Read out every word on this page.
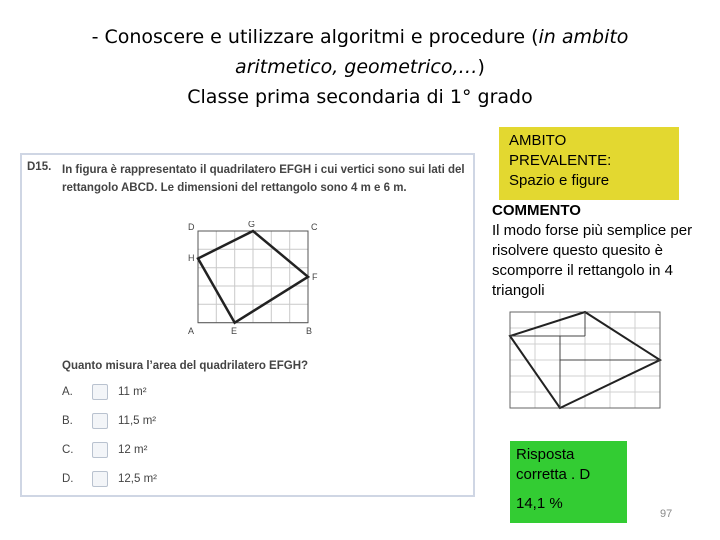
- Conoscere e utilizzare algoritmi e procedure (in ambito
aritmetico, geometrico,…)
Classe prima secondaria di 1° grado
D15. In figura è rappresentato il quadrilatero EFGH i cui vertici sono sui lati del rettangolo ABCD. Le dimensioni del rettangolo sono 4 m e 6 m.
D	G	C
H
F
A	E	B
Quanto misura l’area del quadrilatero EFGH?
A.	11 m²
B.	11,5 m²
C.	12 m²
D.	12,5 m²
AMBITO
PREVALENTE:
Spazio e figure
COMMENTO
Il modo forse più semplice per risolvere questo quesito è scomporre il rettangolo in 4 triangoli
Risposta corretta . D
14,1 %
97
